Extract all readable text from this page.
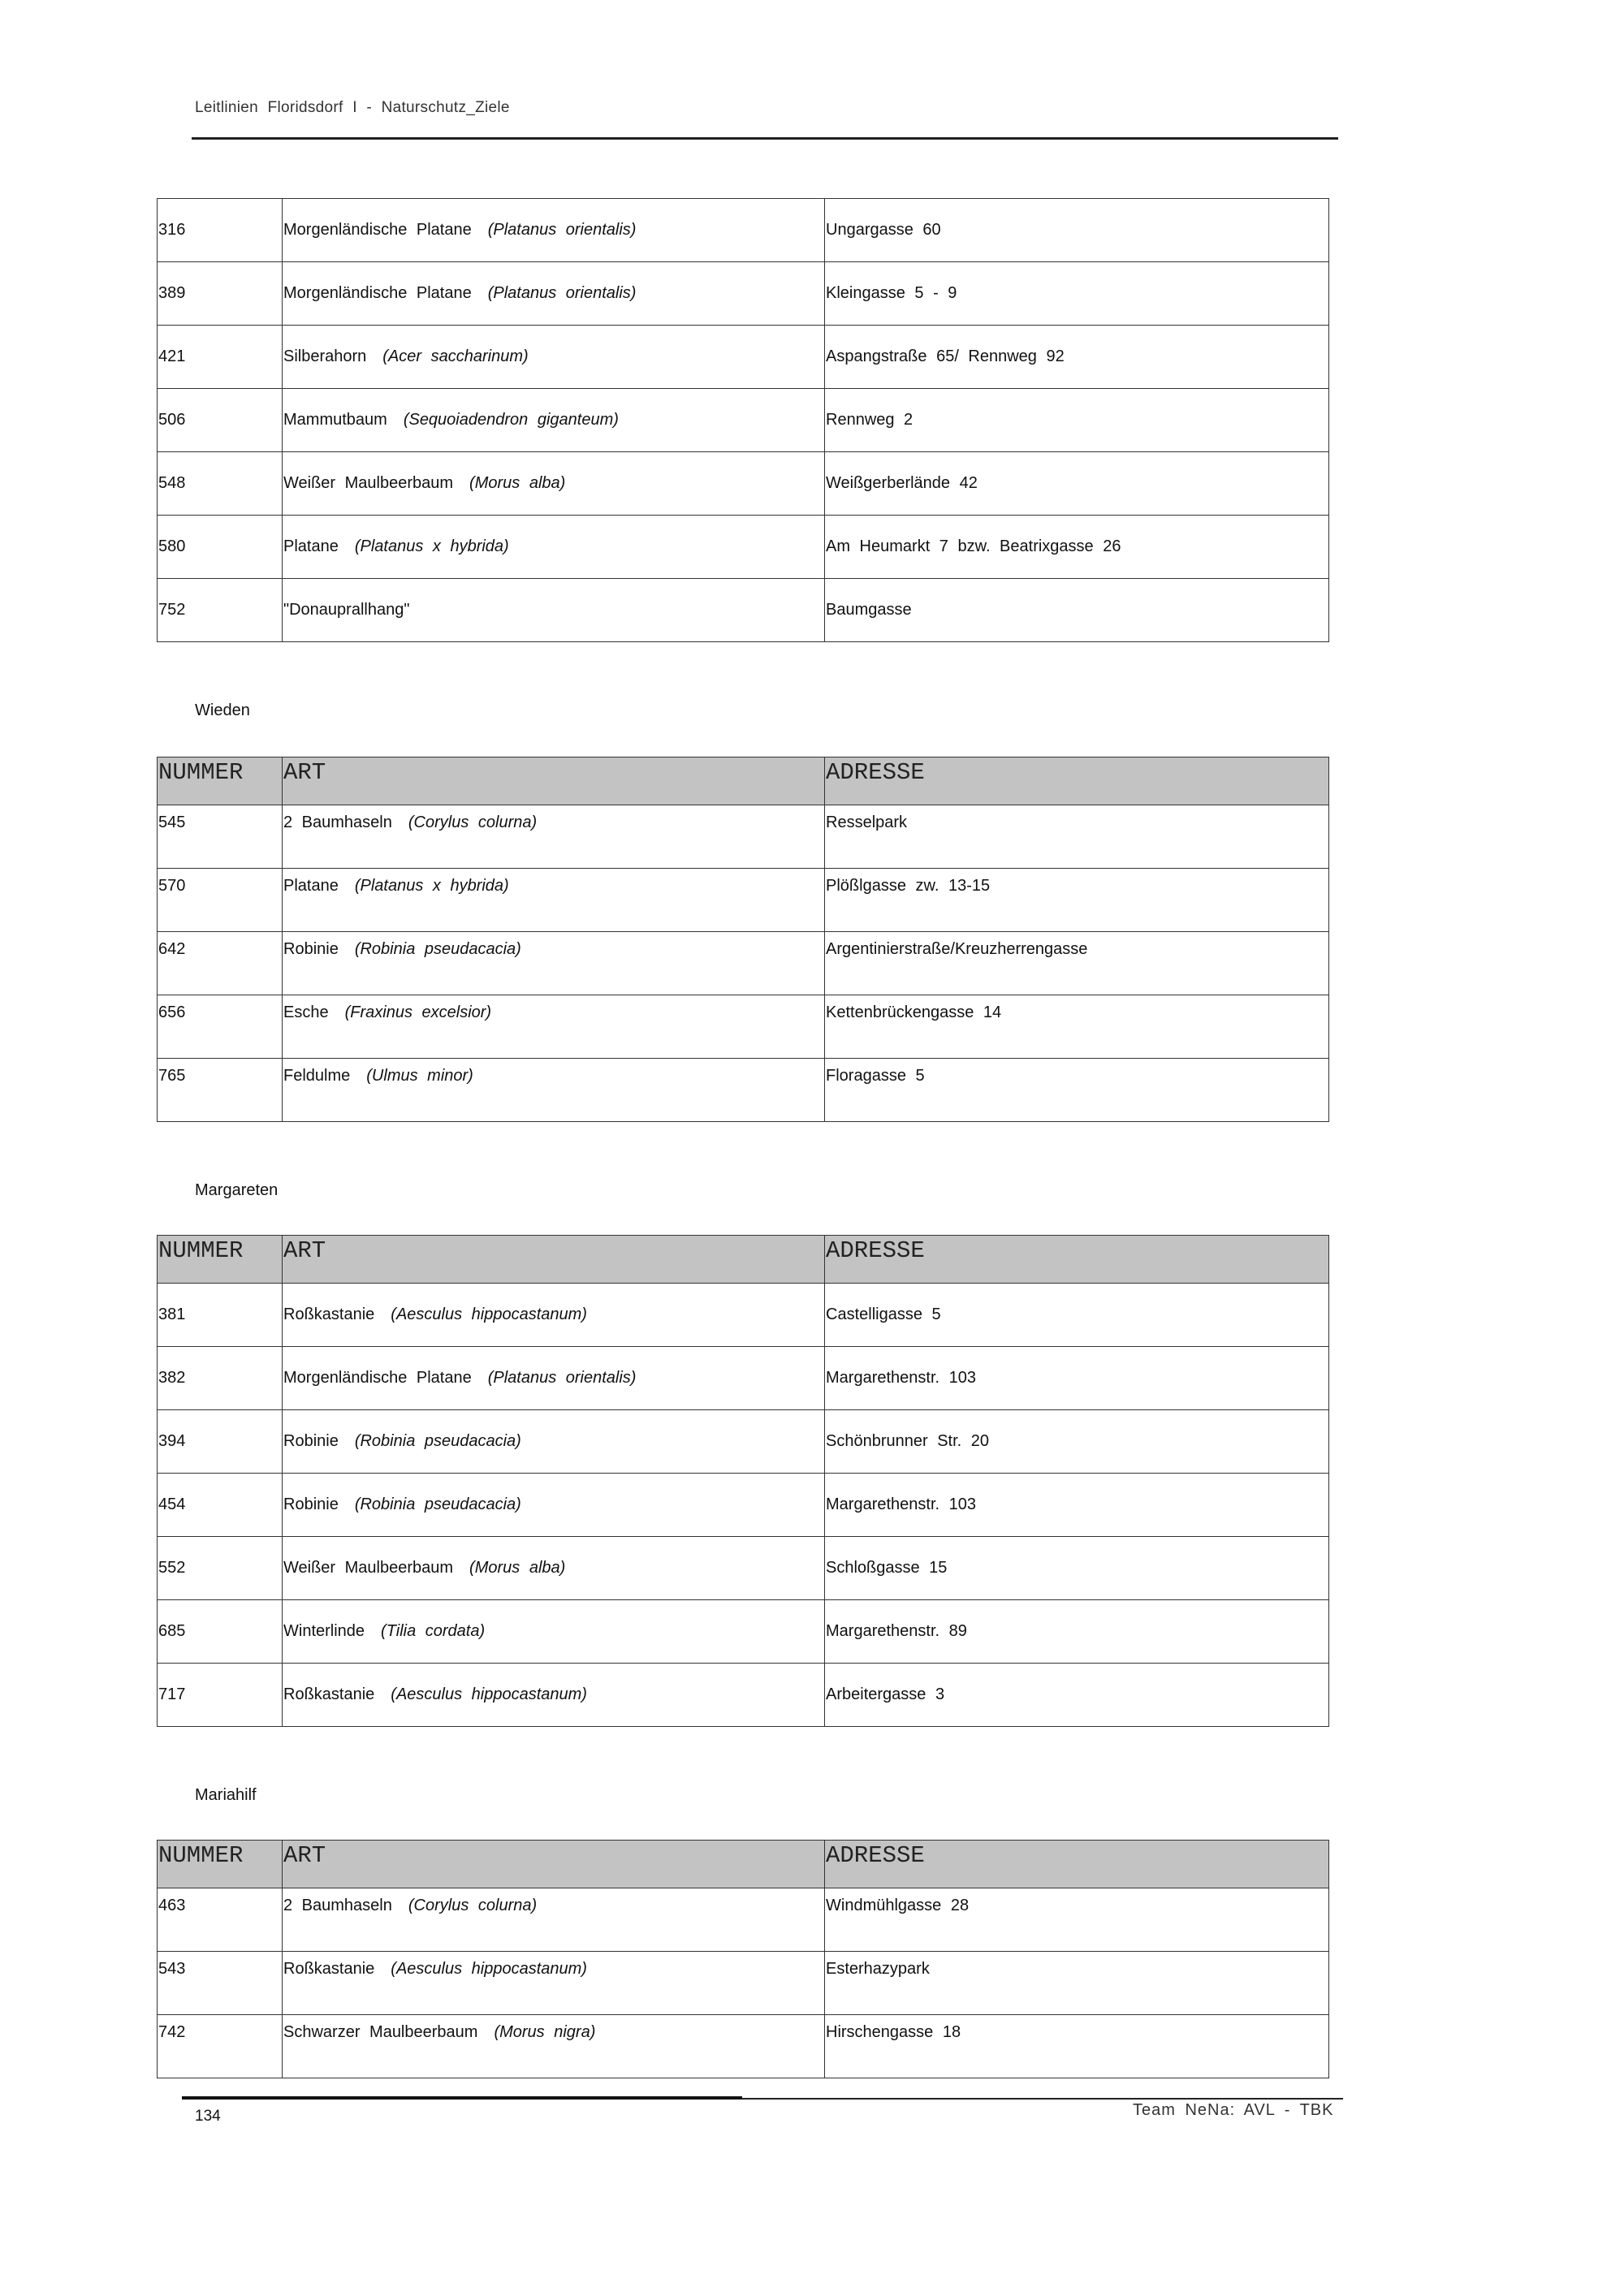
Leitlinien Floridsdorf I - Naturschutz_Ziele
316	Morgenländische Platane  (Platanus orientalis)	Ungargasse 60

389	Morgenländische Platane  (Platanus orientalis)	Kleingasse 5 - 9

421	Silberahorn  (Acer saccharinum)	Aspangstraße 65/ Rennweg 92

506	Mammutbaum  (Sequoiadendron giganteum)	Rennweg 2

548	Weißer Maulbeerbaum  (Morus alba)	Weißgerberlände 42

580	Platane  (Platanus x hybrida)	Am Heumarkt 7 bzw. Beatrixgasse 26

752	"Donauprallhang"	Baumgasse
Wieden
NUMMER	ART	ADRESSE

545	2 Baumhaseln  (Corylus colurna)	Resselpark

570	Platane  (Platanus x hybrida)	Plößlgasse zw. 13-15

642	Robinie  (Robinia pseudacacia)	Argentinierstraße/Kreuzherrengasse

656	Esche  (Fraxinus excelsior)	Kettenbrückengasse 14

765	Feldulme  (Ulmus minor)	Floragasse 5
Margareten
NUMMER	ART	ADRESSE

381	Roßkastanie  (Aesculus hippocastanum)	Castelligasse 5

382	Morgenländische Platane  (Platanus orientalis)	Margarethenstr. 103

394	Robinie  (Robinia pseudacacia)	Schönbrunner Str. 20

454	Robinie  (Robinia pseudacacia)	Margarethenstr. 103

552	Weißer Maulbeerbaum  (Morus alba)	Schloßgasse 15

685	Winterlinde  (Tilia cordata)	Margarethenstr. 89

717	Roßkastanie  (Aesculus hippocastanum)	Arbeitergasse 3
Mariahilf
NUMMER	ART	ADRESSE

463	2 Baumhaseln  (Corylus colurna)	Windmühlgasse 28

543	Roßkastanie  (Aesculus hippocastanum)	Esterhazypark

742	Schwarzer Maulbeerbaum  (Morus nigra)	Hirschengasse 18
134	Team NeNa: AVL - TBK
